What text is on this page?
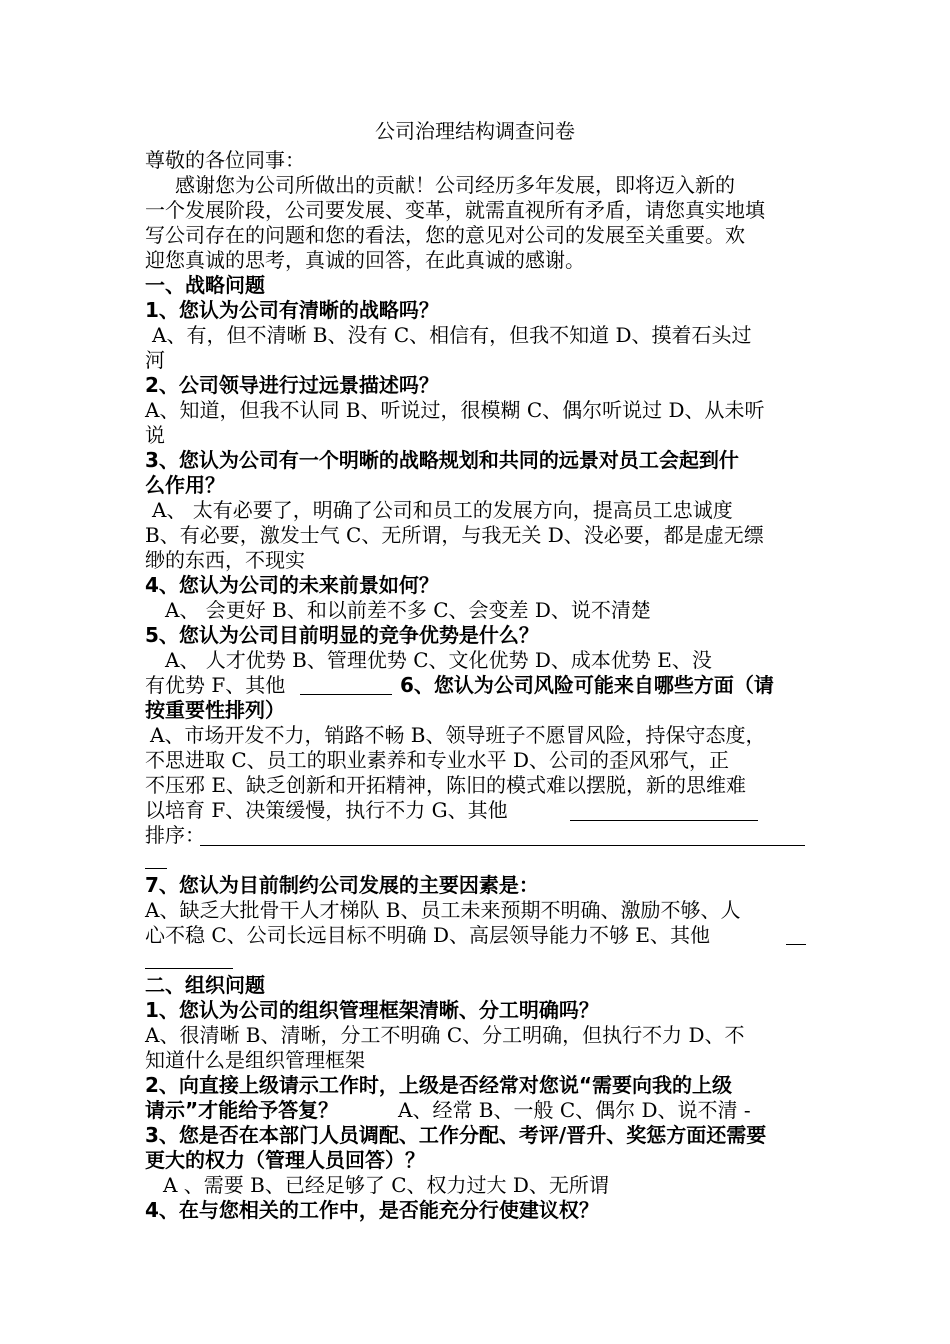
公司治理结构调查问卷
尊敬的各位同事：
感谢您为公司所做出的贡献！公司经历多年发展，即将迈入新的
一个发展阶段，公司要发展、变革，就需直视所有矛盾，请您真实地填
写公司存在的问题和您的看法，您的意见对公司的发展至关重要。欢
迎您真诚的思考，真诚的回答，在此真诚的感谢。
一、战略问题
1、您认为公司有清晰的战略吗？
A、有，但不清晰 B、没有 C、相信有，但我不知道 D、摸着石头过
河
2、公司领导进行过远景描述吗？
A、知道，但我不认同 B、听说过，很模糊 C、偶尔听说过 D、从未听
说
3、您认为公司有一个明晰的战略规划和共同的远景对员工会起到什
么作用？
A、 太有必要了，明确了公司和员工的发展方向，提高员工忠诚度
B、有必要，激发士气 C、无所谓，与我无关 D、没必要，都是虚无缥
缈的东西，不现实
4、您认为公司的未来前景如何？
A、 会更好 B、和以前差不多 C、会变差 D、说不清楚
5、您认为公司目前明显的竞争优势是什么？
A、 人才优势 B、管理优势 C、文化优势 D、成本优势 E、没
有优势 F、其他	6、您认为公司风险可能来自哪些方面（请
按重要性排列）
A、市场开发不力，销路不畅 B、领导班子不愿冒风险，持保守态度，
不思进取 C、员工的职业素养和专业水平 D、公司的歪风邪气，正
不压邪 E、缺乏创新和开拓精神，陈旧的模式难以摆脱，新的思维难
以培育 F、决策缓慢，执行不力 G、其他
排序：
7、您认为目前制约公司发展的主要因素是：
A、缺乏大批骨干人才梯队 B、员工未来预期不明确、激励不够、人
心不稳 C、公司长远目标不明确 D、高层领导能力不够 E、其他
二、组织问题
1、您认为公司的组织管理框架清晰、分工明确吗？
A、很清晰 B、清晰，分工不明确 C、分工明确，但执行不力 D、不
知道什么是组织管理框架
2、向直接上级请示工作时，上级是否经常对您说“需要向我的上级
请示”才能给予答复？	A、经常 B、一般 C、偶尔 D、说不清 -
3、您是否在本部门人员调配、工作分配、考评/晋升、奖惩方面还需要
更大的权力（管理人员回答）？
A 、需要 B、已经足够了 C、权力过大 D、无所谓
4、在与您相关的工作中，是否能充分行使建议权？
